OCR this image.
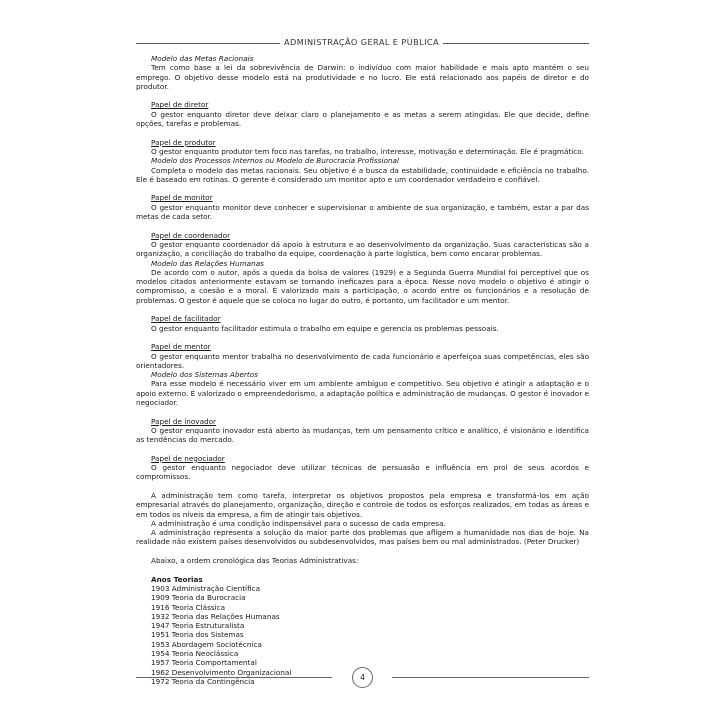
ADMINISTRAÇÃO GERAL E PÚBLICA

Modelo das Metas Racionais

Tem como base a lei da sobrevivência de Darwin: o indivíduo com maior habilidade e mais apto mantém o seu emprego. O objetivo desse modelo está na produtividade e no lucro. Ele está relacionado aos papéis de diretor e do produtor.

Papel de diretor

O gestor enquanto diretor deve deixar claro o planejamento e as metas a serem atingidas. Ele que decide, define opções, tarefas e problemas.

Papel de produtor

O gestor enquanto produtor tem foco nas tarefas, no trabalho, interesse, motivação e determinação. Ele é pragmático.

Modelo dos Processos Internos ou Modelo de Burocracia Profissional

Completa o modelo das metas racionais. Seu objetivo é a busca da estabilidade, continuidade e eficiência no trabalho. Ele é baseado em rotinas. O gerente é considerado um monitor apto e um coordenador verdadeiro e confiável.

Papel de monitor

O gestor enquanto monitor deve conhecer e supervisionar o ambiente de sua organização, e também, estar a par das metas de cada setor.

Papel de coordenador

O gestor enquanto coordenador dá apoio à estrutura e ao desenvolvimento da organização. Suas características são a organização, a conciliação do trabalho da equipe, coordenação à parte logística, bem como encarar problemas.

Modelo das Relações Humanas

De acordo com o autor, após a queda da bolsa de valores (1929) e a Segunda Guerra Mundial foi perceptível que os modelos citados anteriormente estavam se tornando ineficazes para a época. Nesse novo modelo o objetivo é atingir o compromisso, a coesão e a moral. É valorizado mais a participação, o acordo entre os funcionários e a resolução de problemas. O gestor é aquele que se coloca no lugar do outro, é portanto, um facilitador e um mentor.

Papel de facilitador

O gestor enquanto facilitador estimula o trabalho em equipe e gerencia os problemas pessoais.

Papel de mentor

O gestor enquanto mentor trabalha no desenvolvimento de cada funcionário e aperfeiçoa suas competências, eles são orientadores.

Modelo dos Sistemas Abertos

Para esse modelo é necessário viver em um ambiente ambíguo e competitivo. Seu objetivo é atingir a adaptação e o apoio externo. É valorizado o empreendedorismo, a adaptação política e administração de mudanças. O gestor é inovador e negociador.

Papel de inovador

O gestor enquanto inovador está aberto às mudanças, tem um pensamento crítico e analítico, é visionário e identifica as tendências do mercado.

Papel de negociador

O gestor enquanto negociador deve utilizar técnicas de persuasão e influência em prol de seus acordos e compromissos.

A administração tem como tarefa, interpretar os objetivos propostos pela empresa e transformá-los em ação empresarial através do planejamento, organização, direção e controle de todos os esforços realizados, em todas as áreas e em todos os níveis da empresa, a fim de atingir tais objetivos.

A administração é uma condição indispensável para o sucesso de cada empresa.

A administração representa a solução da maior parte dos problemas que afligem a humanidade nos dias de hoje. Na realidade não existem países desenvolvidos ou subdesenvolvidos, mas países bem ou mal administrados. (Peter Drucker)

Abaixo, a ordem cronológica das Teorias Administrativas:

Anos Teorias

1903 Administração Científica

1909 Teoria da Burocracia

1916 Teoria Clássica

1932 Teoria das Relações Humanas

1947 Teoria Estruturalista

1951 Teoria dos Sistemas

1953 Abordagem Sociotécnica

1954 Teoria Neoclássica

1957 Teoria Comportamental

1962 Desenvolvimento Organizacional

1972 Teoria da Contingência	4
